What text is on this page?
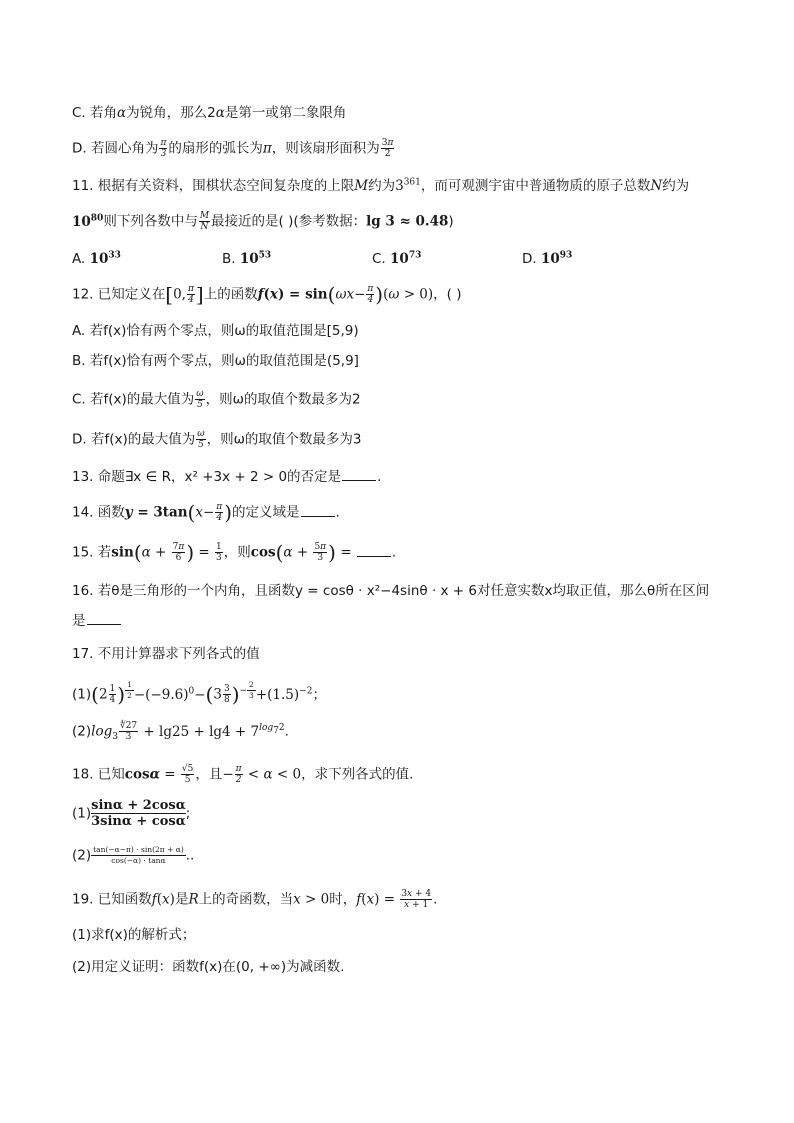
C. 若角α为锐角，那么2α是第一或第二象限角
D. 若圆心角为 $\frac{\pi}{3}$ 的扇形的弧长为π，则该扇形面积为 $\frac{3\pi}{2}$
11. 根据有关资料，围棋状态空间复杂度的上限M约为$3^{361}$，而可观测宇宙中普通物质的原子总数N约为
$10^{80}$则下列各数中与 $\frac{M}{N}$ 最接近的是( )(参考数据：lg 3 ≈ 0.48)
A. $10^{33}$	B. $10^{53}$	C. $10^{73}$	D. $10^{93}$
12. 已知定义在[0, $\frac{\pi}{4}$ ]上的函数$f(x) = \sin(\omega x- \frac{\pi}{4} )(\omega > 0)$，( )
A. 若f(x)恰有两个零点，则ω的取值范围是[5,9)
B. 若f(x)恰有两个零点，则ω的取值范围是(5,9]
C. 若f(x)的最大值为 $\frac{\omega}{5}$ ，则ω的取值个数最多为2
D. 若f(x)的最大值为 $\frac{\omega}{5}$ ，则ω的取值个数最多为3
13. 命题∃x ∈ R，x² +3x + 2 > 0的否定是	.
14. 函数$y = 3\tan(x- \frac{\pi}{4}$ )的定义域是	.
15. 若$\sin(\alpha + \frac{7\pi}{6}$ ) = $\frac{1}{3}$ ，则$\cos(\alpha + \frac{5\pi}{3}$ ) =	.
16. 若θ是三角形的一个内角，且函数y = cosθ · x²−4sinθ · x + 6对任意实数x均取正值，那么θ所在区间
是
17. 不用计算器求下列各式的值
$(1)(2 \frac{1}{4}$ ) $^{\frac{1}{2}} -(-9.6)^0-(3 \frac{3}{8} )^{- \frac{2}{3}} +(1.5)^{-2}$；
$(2)\log_3 \frac{∜27}{3} + \lg 25 + \lg 4 + 7^{log_72}$.
18. 已知$\cos\alpha = \frac{√5}{5}$ ，且− $\frac{\pi}{2} < \alpha < 0$，求下列各式的值.
$(1) \frac{\sin\alpha + 2\cos\alpha}{3\sin\alpha + \cos\alpha}$ ;
$(2) \frac{\tan(-\alpha-\pi) \cdot \sin(2\pi + \alpha)}{\cos(-\alpha) \cdot \tan\alpha}$ ..
19. 已知函数f(x)是R上的奇函数，当x > 0时，$f(x) = \frac{3x + 4}{x + 1}$ .
(1)求f(x)的解析式；
(2)用定义证明：函数f(x)在(0, +∞)为减函数.
